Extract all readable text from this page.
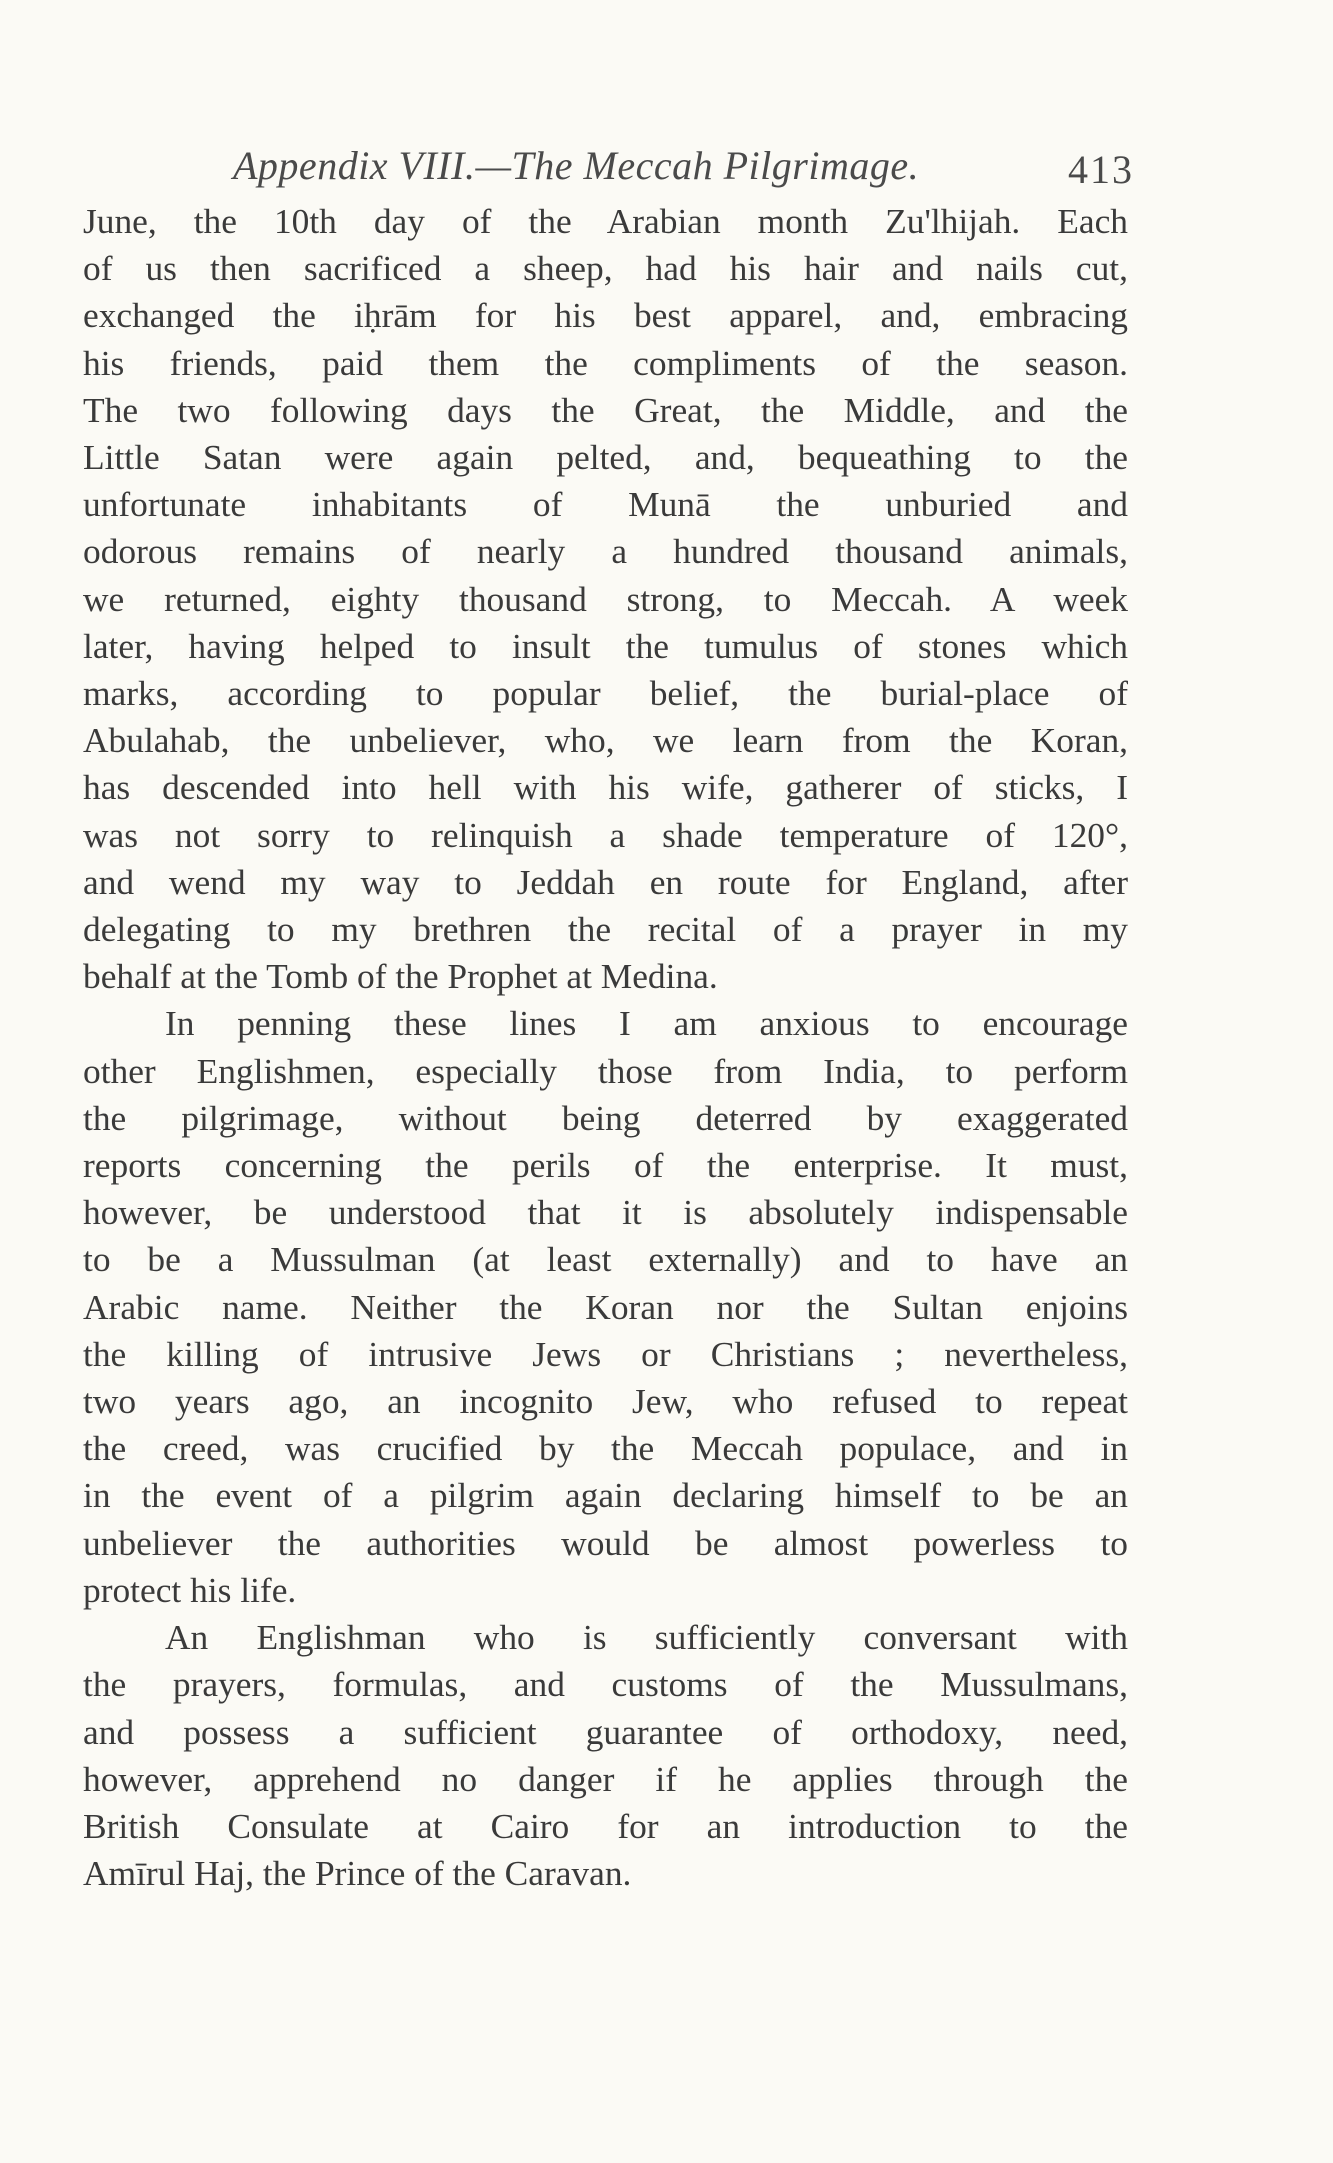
Appendix VIII.—The Meccah Pilgrimage.	413
June, the 10th day of the Arabian month Zu'lhijah. Each
of us then sacrificed a sheep, had his hair and nails cut,
exchanged the iḥrām for his best apparel, and, embracing
his friends, paid them the compliments of the season.
The two following days the Great, the Middle, and the
Little Satan were again pelted, and, bequeathing to the
unfortunate inhabitants of Munā the unburied and
odorous remains of nearly a hundred thousand animals,
we returned, eighty thousand strong, to Meccah. A week
later, having helped to insult the tumulus of stones which
marks, according to popular belief, the burial-place of
Abulahab, the unbeliever, who, we learn from the Koran,
has descended into hell with his wife, gatherer of sticks, I
was not sorry to relinquish a shade temperature of 120°,
and wend my way to Jeddah en route for England, after
delegating to my brethren the recital of a prayer in my
behalf at the Tomb of the Prophet at Medina.
In penning these lines I am anxious to encourage
other Englishmen, especially those from India, to perform
the pilgrimage, without being deterred by exaggerated
reports concerning the perils of the enterprise. It must,
however, be understood that it is absolutely indispensable
to be a Mussulman (at least externally) and to have an
Arabic name. Neither the Koran nor the Sultan enjoins
the killing of intrusive Jews or Christians ; nevertheless,
two years ago, an incognito Jew, who refused to repeat
the creed, was crucified by the Meccah populace, and in
in the event of a pilgrim again declaring himself to be an
unbeliever the authorities would be almost powerless to
protect his life.
An Englishman who is sufficiently conversant with
the prayers, formulas, and customs of the Mussulmans,
and possess a sufficient guarantee of orthodoxy, need,
however, apprehend no danger if he applies through the
British Consulate at Cairo for an introduction to the
Amīrul Haj, the Prince of the Caravan.
